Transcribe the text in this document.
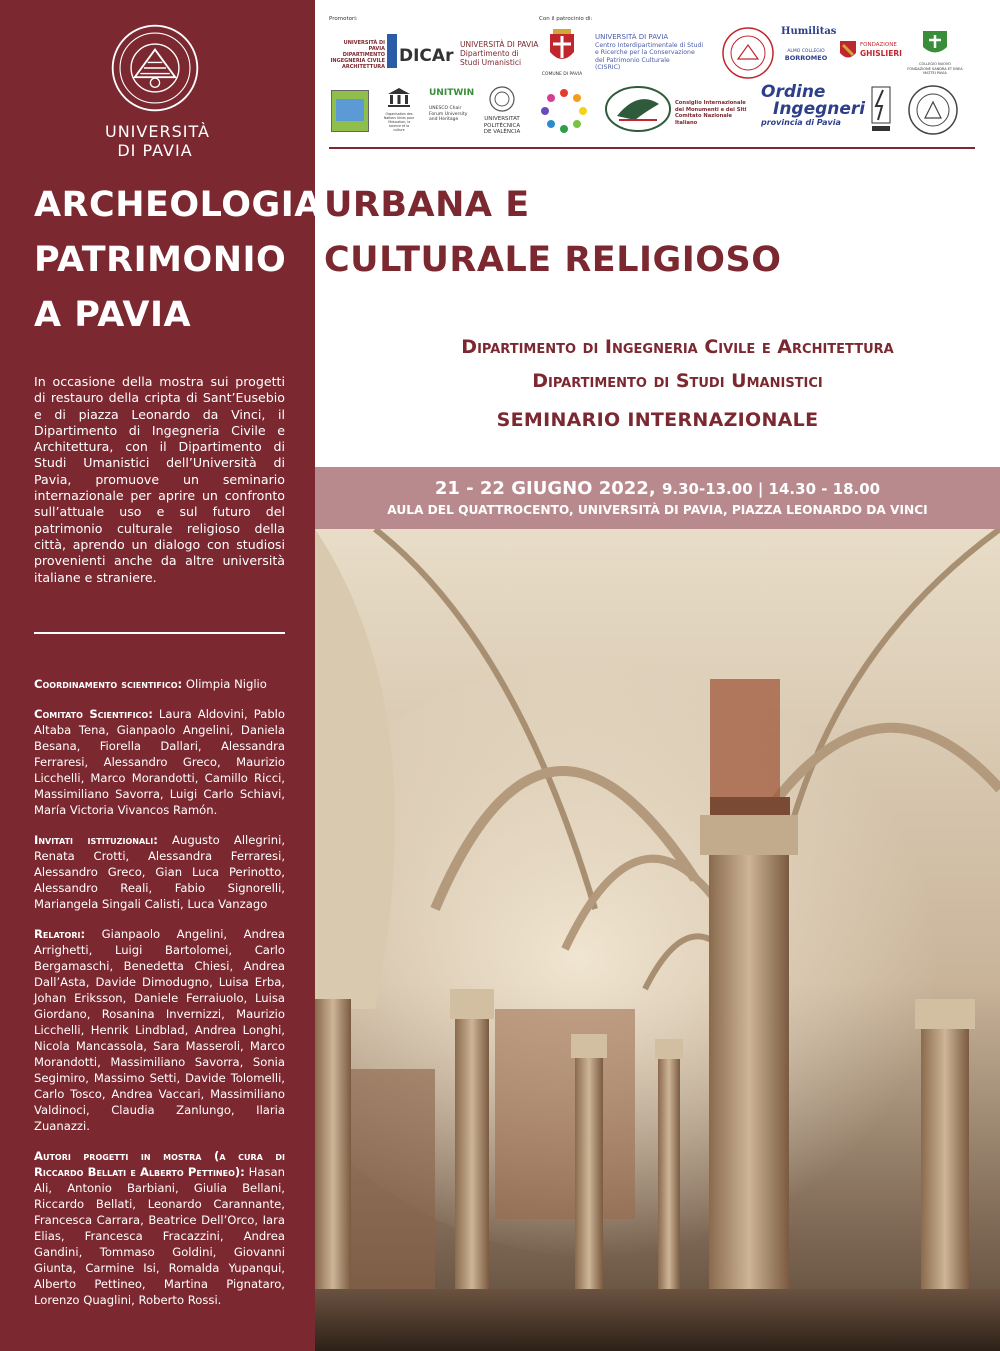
UNIVERSITÀ
DI PAVIA
In occasione della mostra sui progetti di restauro della cripta di Sant’Eusebio e di piazza Leonardo da Vinci, il Dipartimento di Ingegneria Civile e Architettura, con il Dipartimento di Studi Umanistici dell’Università di Pavia, promuove un seminario internazionale per aprire un confronto sull’attuale uso e sul futuro del patrimonio culturale religioso della città, aprendo un dialogo con studiosi provenienti anche da altre università italiane e straniere.

Coordinamento scientifico: Olimpia Niglio

Comitato Scientifico: Laura Aldovini, Pablo Altaba Tena, Gianpaolo Angelini, Daniela Besana, Fiorella Dallari, Alessandra Ferraresi, Alessandro Greco, Maurizio Licchelli, Marco Morandotti, Camillo Ricci, Massimiliano Savorra, Luigi Carlo Schiavi, María Victoria Vivancos Ramón.

Invitati istituzionali: Augusto Allegrini, Renata Crotti, Alessandra Ferraresi, Alessandro Greco, Gian Luca Perinotto, Alessandro Reali, Fabio Signorelli, Mariangela Singali Calisti, Luca Vanzago

Relatori: Gianpaolo Angelini, Andrea Arrighetti, Luigi Bartolomei, Carlo Bergamaschi, Benedetta Chiesi, Andrea Dall’Asta, Davide Dimodugno, Luisa Erba, Johan Eriksson, Daniele Ferraiuolo, Luisa Giordano, Rosanina Invernizzi, Maurizio Licchelli, Henrik Lindblad, Andrea Longhi, Nicola Mancassola, Sara Masseroli, Marco Morandotti, Massimiliano Savorra, Sonia Segimiro, Massimo Setti, Davide Tolomelli, Carlo Tosco, Andrea Vaccari, Massimiliano Valdinoci, Claudia Zanlungo, Ilaria Zuanazzi.

Autori progetti in mostra (a cura di Riccardo Bellati e Alberto Pettineo): Hasan Ali, Antonio Barbiani, Giulia Bellani, Riccardo Bellati, Leonardo Carannante, Francesca Carrara, Beatrice Dell’Orco, Iara Elias, Francesca Fracazzini, Andrea Gandini, Tommaso Goldini, Giovanni Giunta, Carmine Isi, Romalda Yupanqui, Alberto Pettineo, Martina Pignataro, Lorenzo Quaglini, Roberto Rossi.

Promotori:	Con il patrocinio di:
UNIVERSITÀ DI PAVIA DIPARTIMENTO INGEGNERIA CIVILE ARCHITETTURA
DICAr
UNIVERSITÀ DI PAVIA
Dipartimento di
Studi Umanistici
COMUNE DI PAVIA
UNIVERSITÀ DI PAVIA
Centro Interdipartimentale di Studi
e Ricerche per la Conservazione
del Patrimonio Culturale
(CISRIC)
Humilitas
ALMO COLLEGIO
BORROMEO
FONDAZIONE
GHISLIERI
COLLEGIO NUOVO FONDAZIONE SANDRA ET ENEA MATTEI PAVIA
Organisation des Nations Unies pour l'éducation, la science et la culture
UNITWIN
UNESCO Chair
Forum University
and Heritage	UNIVERSITAT
POLITÈCNICA
DE VALÈNCIA
Consiglio Internazionale
dei Monumenti e dei Siti
Comitato Nazionale Italiano
Ordine
Ingegneri
provincia di Pavia
ARCHEOLOGIAURBANA E
PATRIMONIO CULTURALE RELIGIOSO
A PAVIA
Dipartimento di Ingegneria Civile e Architettura
Dipartimento di Studi Umanistici
SEMINARIO INTERNAZIONALE
21 - 22 GIUGNO 2022, 9.30-13.00 | 14.30 - 18.00
AULA DEL QUATTROCENTO, UNIVERSITÀ DI PAVIA, PIAZZA LEONARDO DA VINCI
